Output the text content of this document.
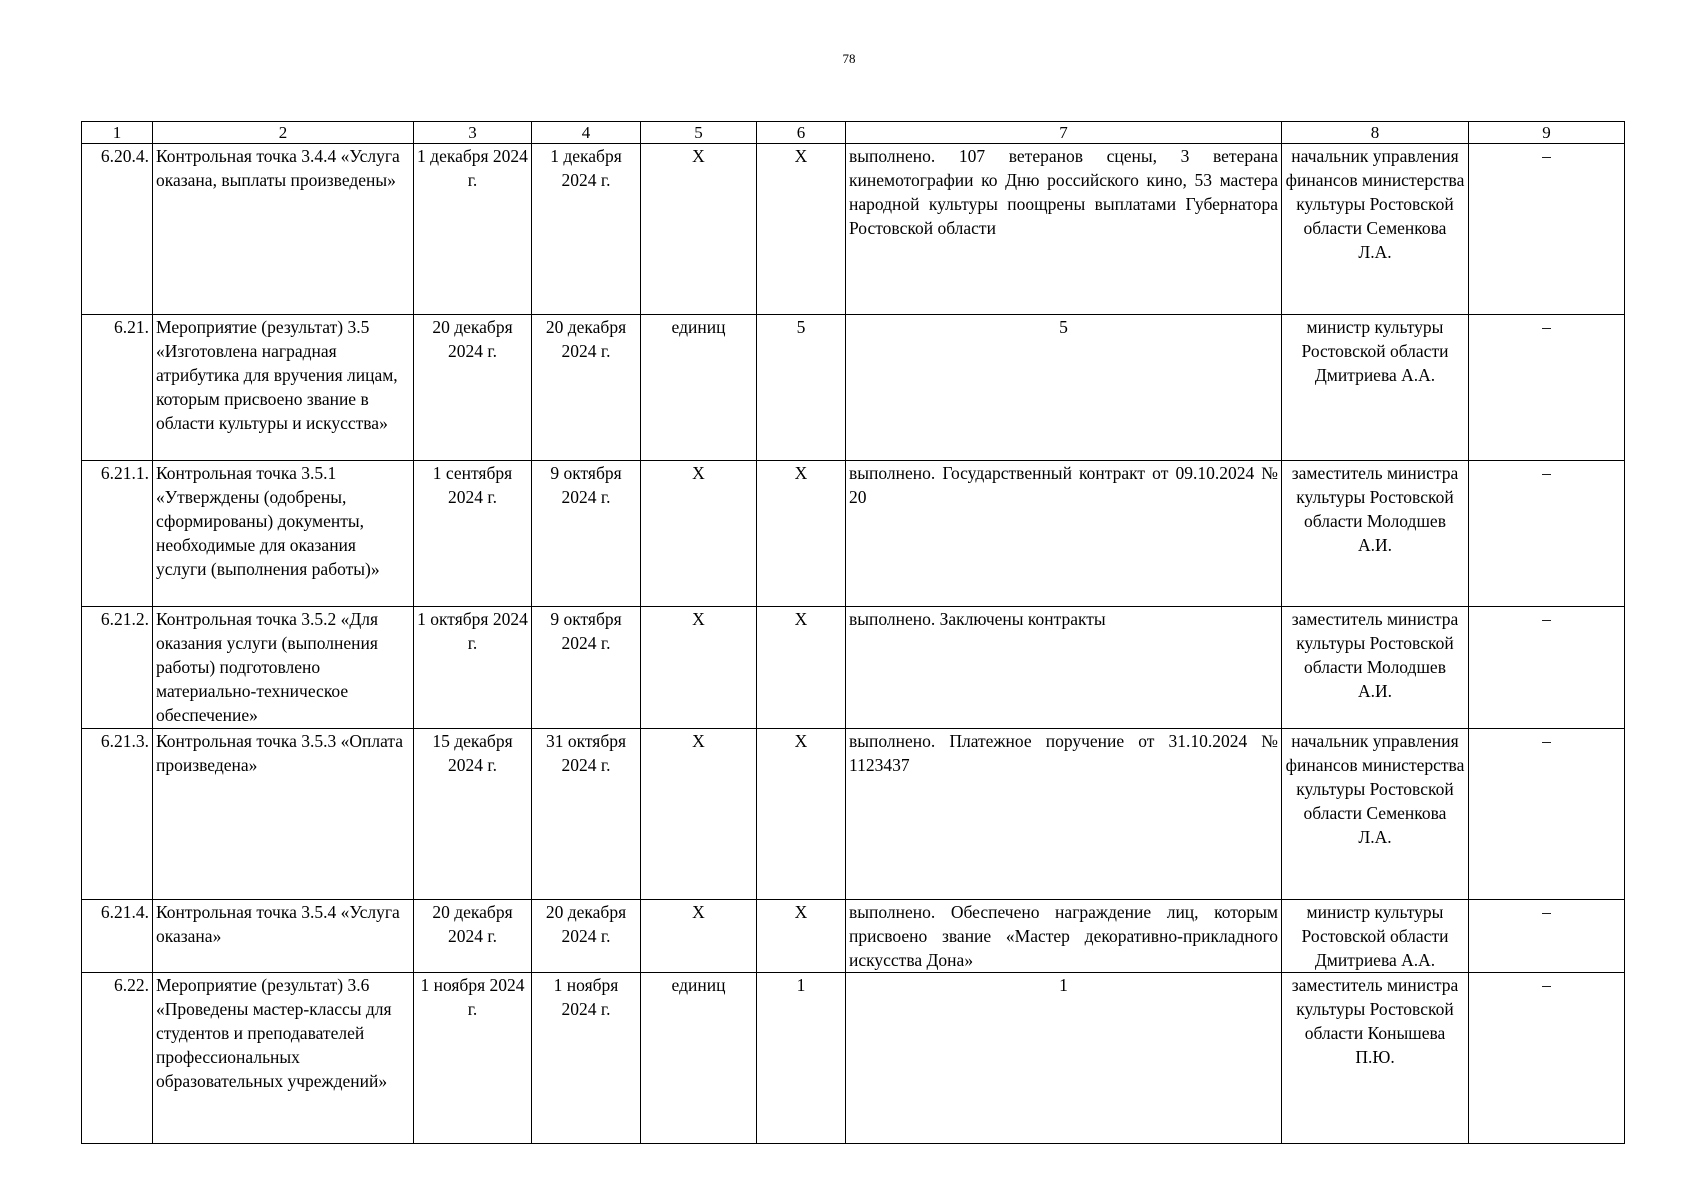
78
1	2	3	4	5	6	7	8	9
6.20.4.	Контрольная точка 3.4.4 «Услуга оказана, выплаты произведены»	1 декабря 2024 г.	1 декабря 2024 г.	Х	Х	выполнено. 107 ветеранов сцены, 3 ветерана кинемотографии ко Дню российского кино, 53 мастера народной культуры поощрены выплатами Губернатора Ростовской области	начальник управления финансов министерства культуры Ростовской области Семенкова Л.А.	–
6.21.	Мероприятие (результат) 3.5 «Изготовлена наградная атрибутика для вручения лицам, которым присвоено звание в области культуры и искусства»	20 декабря 2024 г.	20 декабря 2024 г.	единиц	5	5	министр культуры Ростовской области Дмитриева А.А.	–
6.21.1.	Контрольная точка 3.5.1 «Утверждены (одобрены, сформированы) документы, необходимые для оказания услуги (выполнения работы)»	1 сентября 2024 г.	9 октября 2024 г.	Х	Х	выполнено. Государственный контракт от 09.10.2024 № 20	заместитель министра культуры Ростовской области Молодшев А.И.	–
6.21.2.	Контрольная точка 3.5.2 «Для оказания услуги (выполнения работы) подготовлено материально-техническое обеспечение»	1 октября 2024 г.	9 октября 2024 г.	Х	Х	выполнено. Заключены контракты	заместитель министра культуры Ростовской области Молодшев А.И.	–
6.21.3.	Контрольная точка 3.5.3 «Оплата произведена»	15 декабря 2024 г.	31 октября 2024 г.	Х	Х	выполнено. Платежное поручение от 31.10.2024 № 1123437	начальник управления финансов министерства культуры Ростовской области Семенкова Л.А.	–
6.21.4.	Контрольная точка 3.5.4 «Услуга оказана»	20 декабря 2024 г.	20 декабря 2024 г.	Х	Х	выполнено. Обеспечено награждение лиц, которым присвоено звание «Мастер декоративно-прикладного искусства Дона»	министр культуры Ростовской области Дмитриева А.А.	–
6.22.	Мероприятие (результат) 3.6 «Проведены мастер-классы для студентов и преподавателей профессиональных образовательных учреждений»	1 ноября 2024 г.	1 ноября 2024 г.	единиц	1	1	заместитель министра культуры Ростовской области Конышева П.Ю.	–
